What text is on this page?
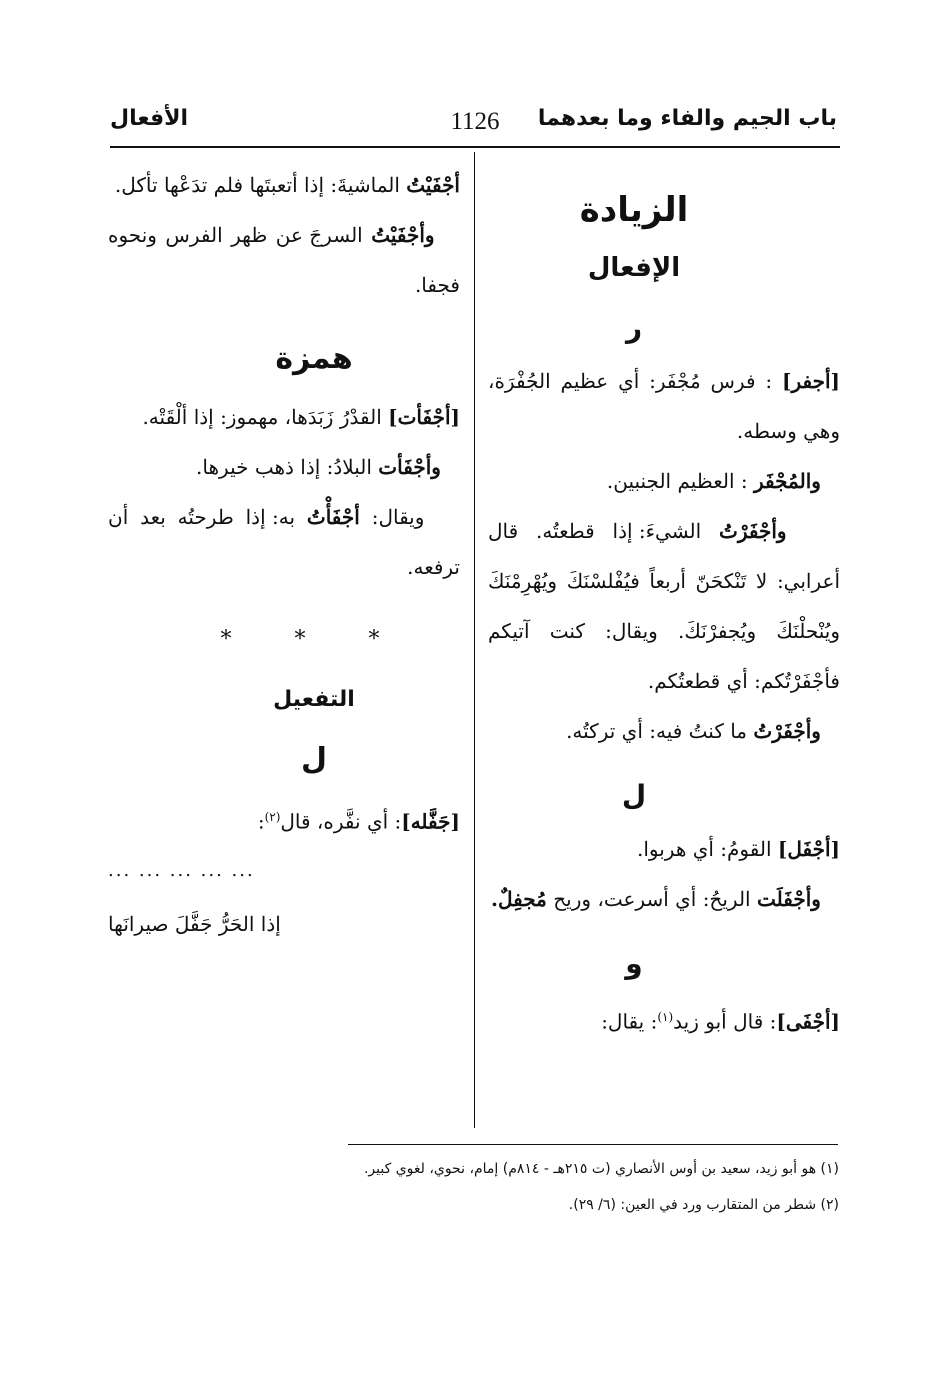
باب الجيم والفاء وما بعدهما
1126
الأفعال
الزيادة
الإفعال
ر

[أجفر] : فرس مُجْفَر: أي عظيم الجُفْرَة، وهي وسطه.

والمُجْفَر : العظيم الجنبين.

وأجْفَرْتُ الشيءَ: إذا قطعتُه. قال أعرابي: لا تَنْكحَنّ أربعاً فيُفْلسْنَكَ ويُهْرِمْنَكَ ويُنْحلْنَكَ ويُجفرْنَكَ. ويقال: كنت آتيكم فأجْفَرْتُكم: أي قطعتُكم.

وأجْفَرْتُ ما كنتُ فيه: أي تركتُه.

ل

[أجْفَل] القومُ: أي هربوا.

وأجْفَلَت الريحُ: أي أسرعت، وريح مُجفِلٌ.

و

[أجْفَى]: قال أبو زيد$^{(١)}$: يقال:

أجْفَيْتُ الماشيةَ: إذا أتعبتَها فلم تدَعْها تأكل.

وأجْفَيْتُ السرجَ عن ظهر الفرس ونحوه فجفا.

همزة

[أجْفَأت] القدْرُ زَبَدَها، مهموز: إذا ألْقَتْه.

وأجْفَأت البلادُ: إذا ذهب خيرها.

ويقال: أجْفَأْتُ به: إذا طرحتُه بعد أن ترفعه.

* * *
التفعيل
ل

[جَفَّله]: أي نفَّره، قال$^{(٢)}$:

... ... ... ... ...

إذا الحَرُّ جَفَّلَ صيرانَها

(١) هو أبو زيد، سعيد بن أوس الأنصاري (ت ٢١٥هـ - ٨١٤م) إمام، نحوي، لغوي كبير.
(٢) شطر من المتقارب ورد في العين: (٦/ ٢٩).
